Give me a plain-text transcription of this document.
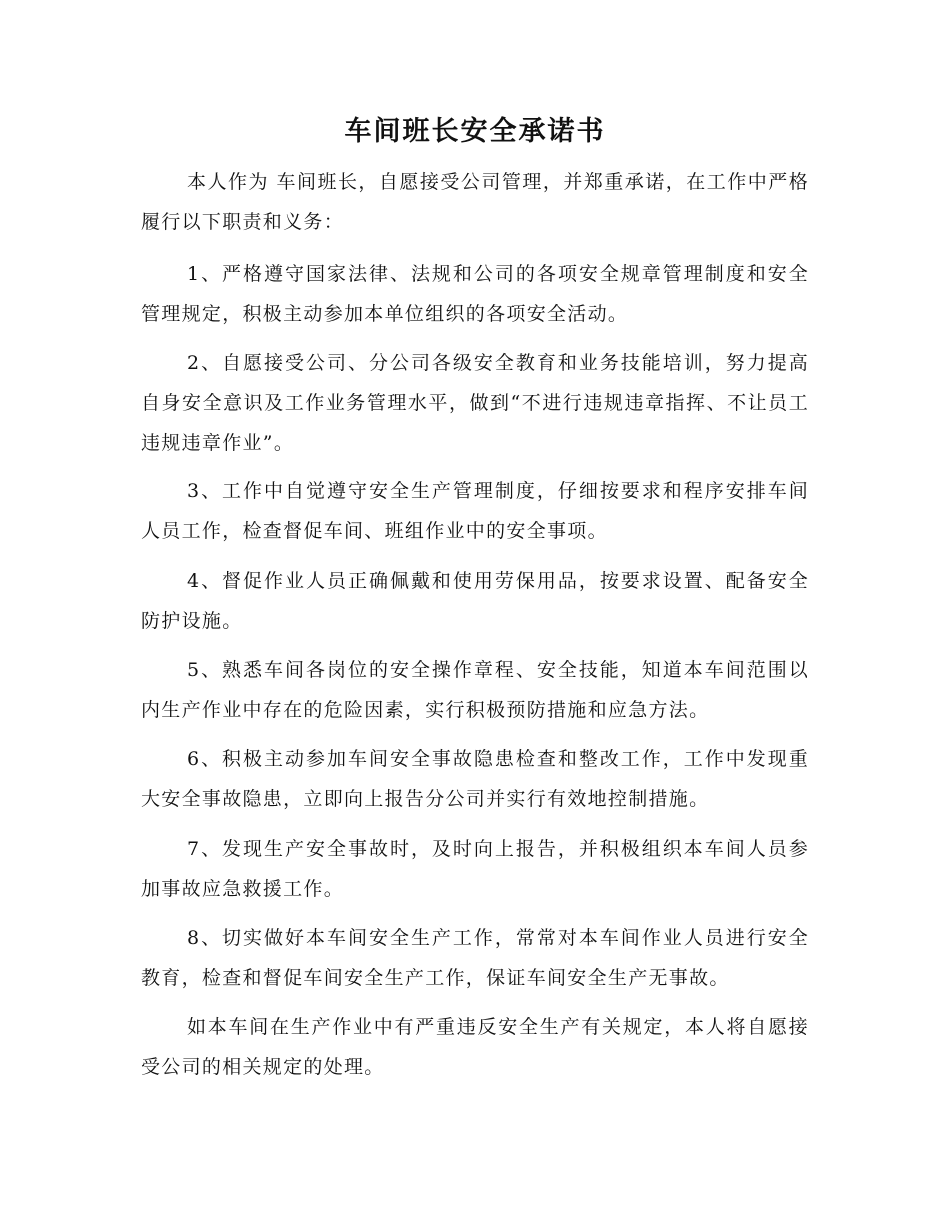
车间班长安全承诺书

本人作为 车间班长，自愿接受公司管理，并郑重承诺，在工作中严格履行以下职责和义务：

1、严格遵守国家法律、法规和公司的各项安全规章管理制度和安全管理规定，积极主动参加本单位组织的各项安全活动。

2、自愿接受公司、分公司各级安全教育和业务技能培训，努力提高自身安全意识及工作业务管理水平，做到“不进行违规违章指挥、不让员工违规违章作业”。

3、工作中自觉遵守安全生产管理制度，仔细按要求和程序安排车间人员工作，检查督促车间、班组作业中的安全事项。

4、督促作业人员正确佩戴和使用劳保用品，按要求设置、配备安全防护设施。

5、熟悉车间各岗位的安全操作章程、安全技能，知道本车间范围以内生产作业中存在的危险因素，实行积极预防措施和应急方法。

6、积极主动参加车间安全事故隐患检查和整改工作，工作中发现重大安全事故隐患，立即向上报告分公司并实行有效地控制措施。

7、发现生产安全事故时，及时向上报告，并积极组织本车间人员参加事故应急救援工作。

8、切实做好本车间安全生产工作，常常对本车间作业人员进行安全教育，检查和督促车间安全生产工作，保证车间安全生产无事故。

如本车间在生产作业中有严重违反安全生产有关规定，本人将自愿接受公司的相关规定的处理。
